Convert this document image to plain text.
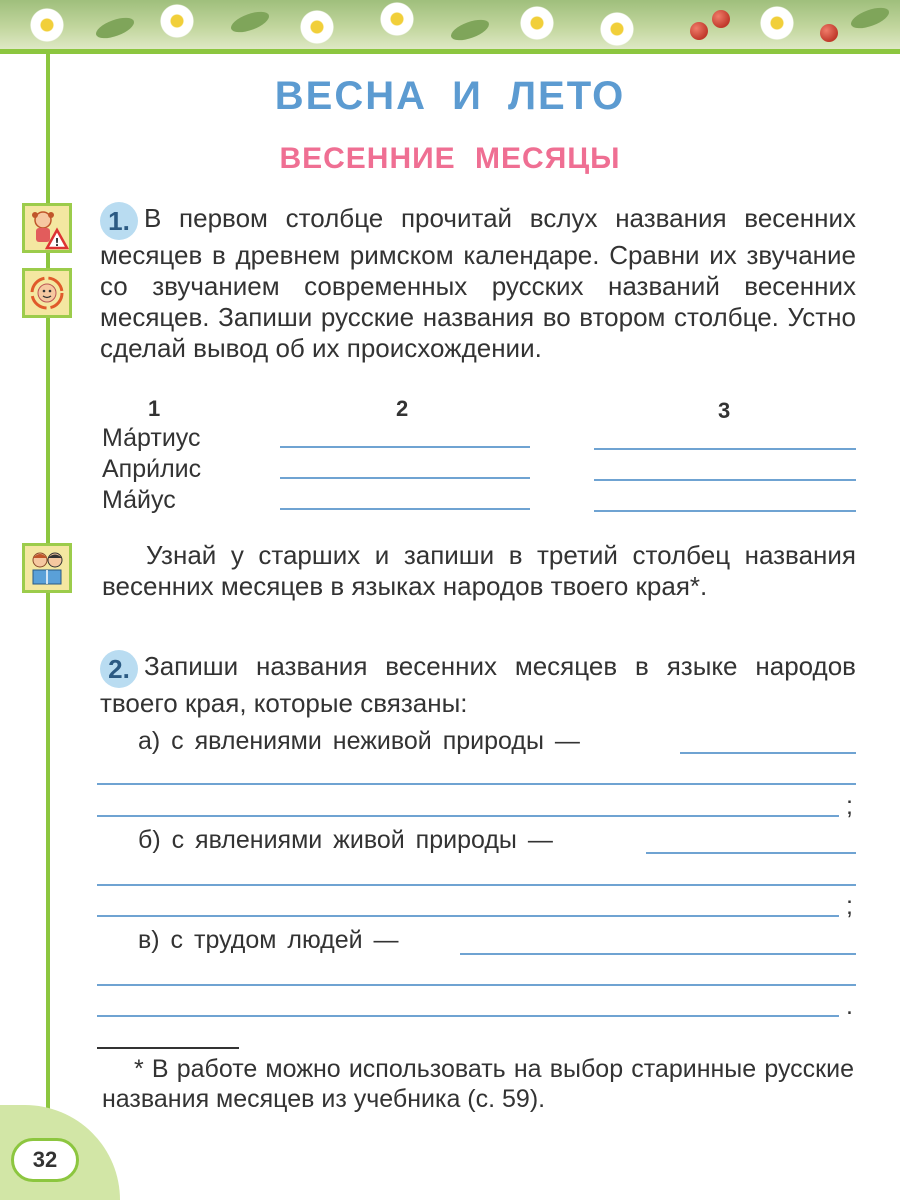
ВЕСНА И ЛЕТО
ВЕСЕННИЕ МЕСЯЦЫ
!
1. В первом столбце прочитай вслух названия весенних месяцев в древнем римском календаре. Сравни их звучание со звучанием современных русских названий весенних месяцев. Запиши русские названия во втором столбце. Устно сделай вывод об их происхождении.
1	2	3
Ма́ртиус
Апри́лис
Ма́йус
Узнай у старших и запиши в третий столбец названия весенних месяцев в языках народов твоего края*.
2. Запиши названия весенних месяцев в языке народов твоего края, которые связаны:
а) с явлениями неживой природы —
;
б) с явлениями живой природы —
;
в) с трудом людей —
.
* В работе можно использовать на выбор старинные русские названия месяцев из учебника (с. 59).
32
